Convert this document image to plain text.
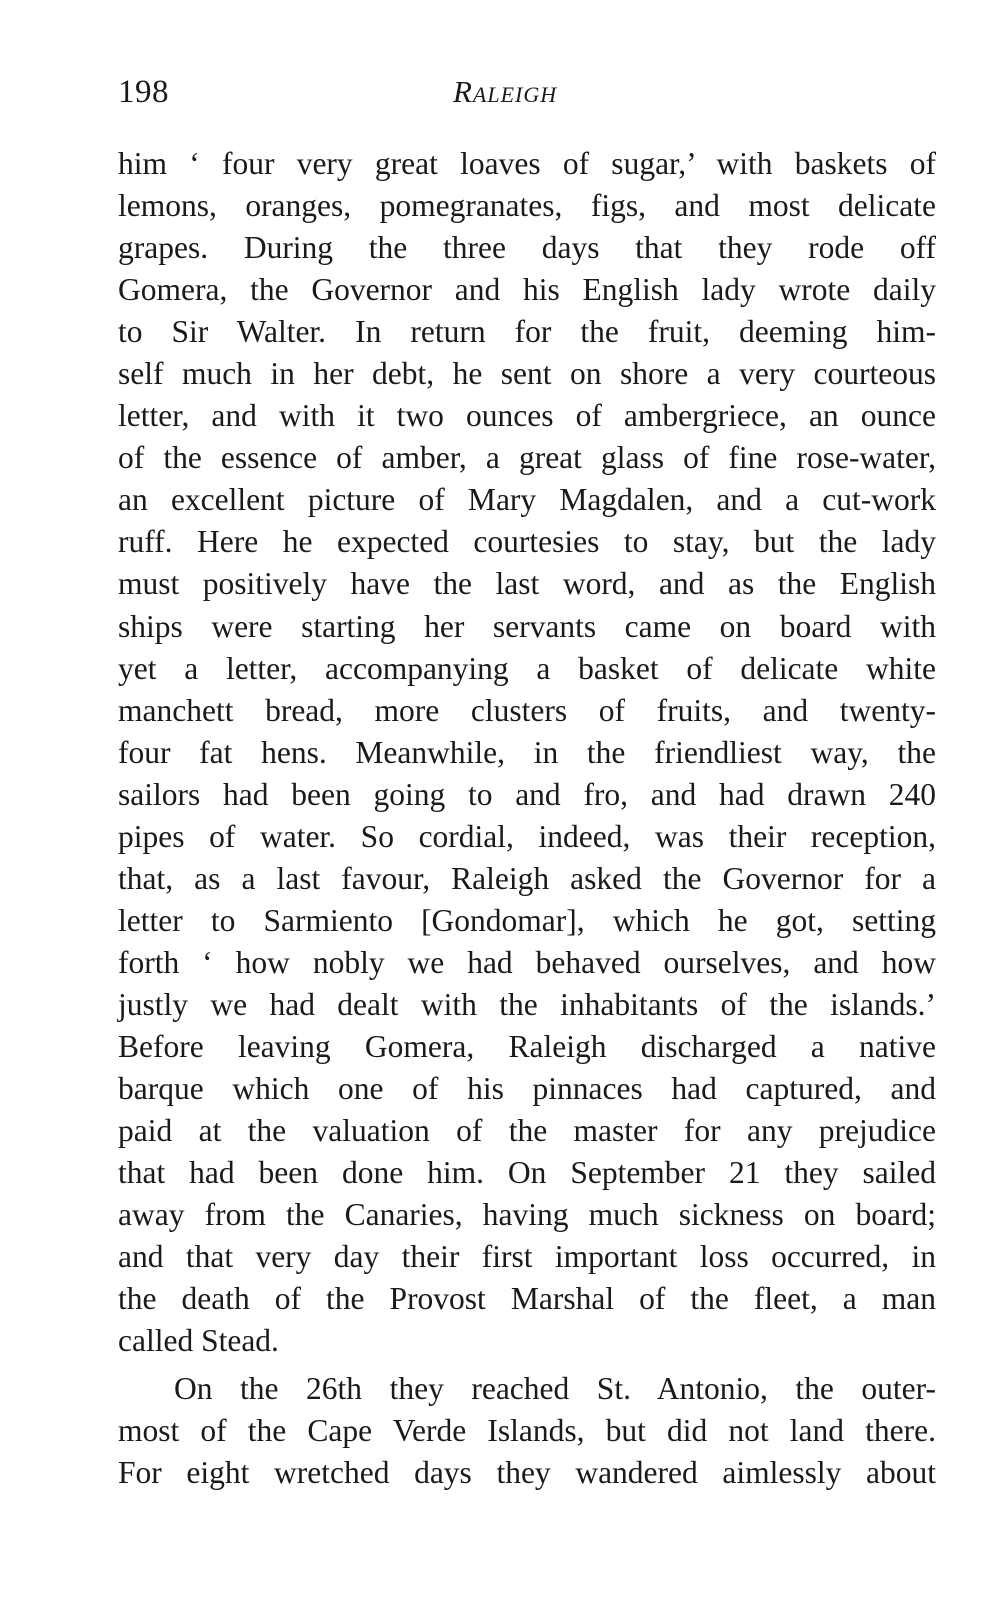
198	Raleigh
him ‘ four very great loaves of sugar,’ with baskets of
lemons, oranges, pomegranates, figs, and most delicate
grapes. During the three days that they rode off
Gomera, the Governor and his English lady wrote daily
to Sir Walter. In return for the fruit, deeming him-
self much in her debt, he sent on shore a very courteous
letter, and with it two ounces of ambergriece, an ounce
of the essence of amber, a great glass of fine rose-water,
an excellent picture of Mary Magdalen, and a cut-work
ruff. Here he expected courtesies to stay, but the lady
must positively have the last word, and as the English
ships were starting her servants came on board with
yet a letter, accompanying a basket of delicate white
manchett bread, more clusters of fruits, and twenty-
four fat hens. Meanwhile, in the friendliest way, the
sailors had been going to and fro, and had drawn 240
pipes of water. So cordial, indeed, was their reception,
that, as a last favour, Raleigh asked the Governor for a
letter to Sarmiento [Gondomar], which he got, setting
forth ‘ how nobly we had behaved ourselves, and how
justly we had dealt with the inhabitants of the islands.’
Before leaving Gomera, Raleigh discharged a native
barque which one of his pinnaces had captured, and
paid at the valuation of the master for any prejudice
that had been done him. On September 21 they sailed
away from the Canaries, having much sickness on board;
and that very day their first important loss occurred, in
the death of the Provost Marshal of the fleet, a man
called Stead.
On the 26th they reached St. Antonio, the outer-
most of the Cape Verde Islands, but did not land there.
For eight wretched days they wandered aimlessly about
